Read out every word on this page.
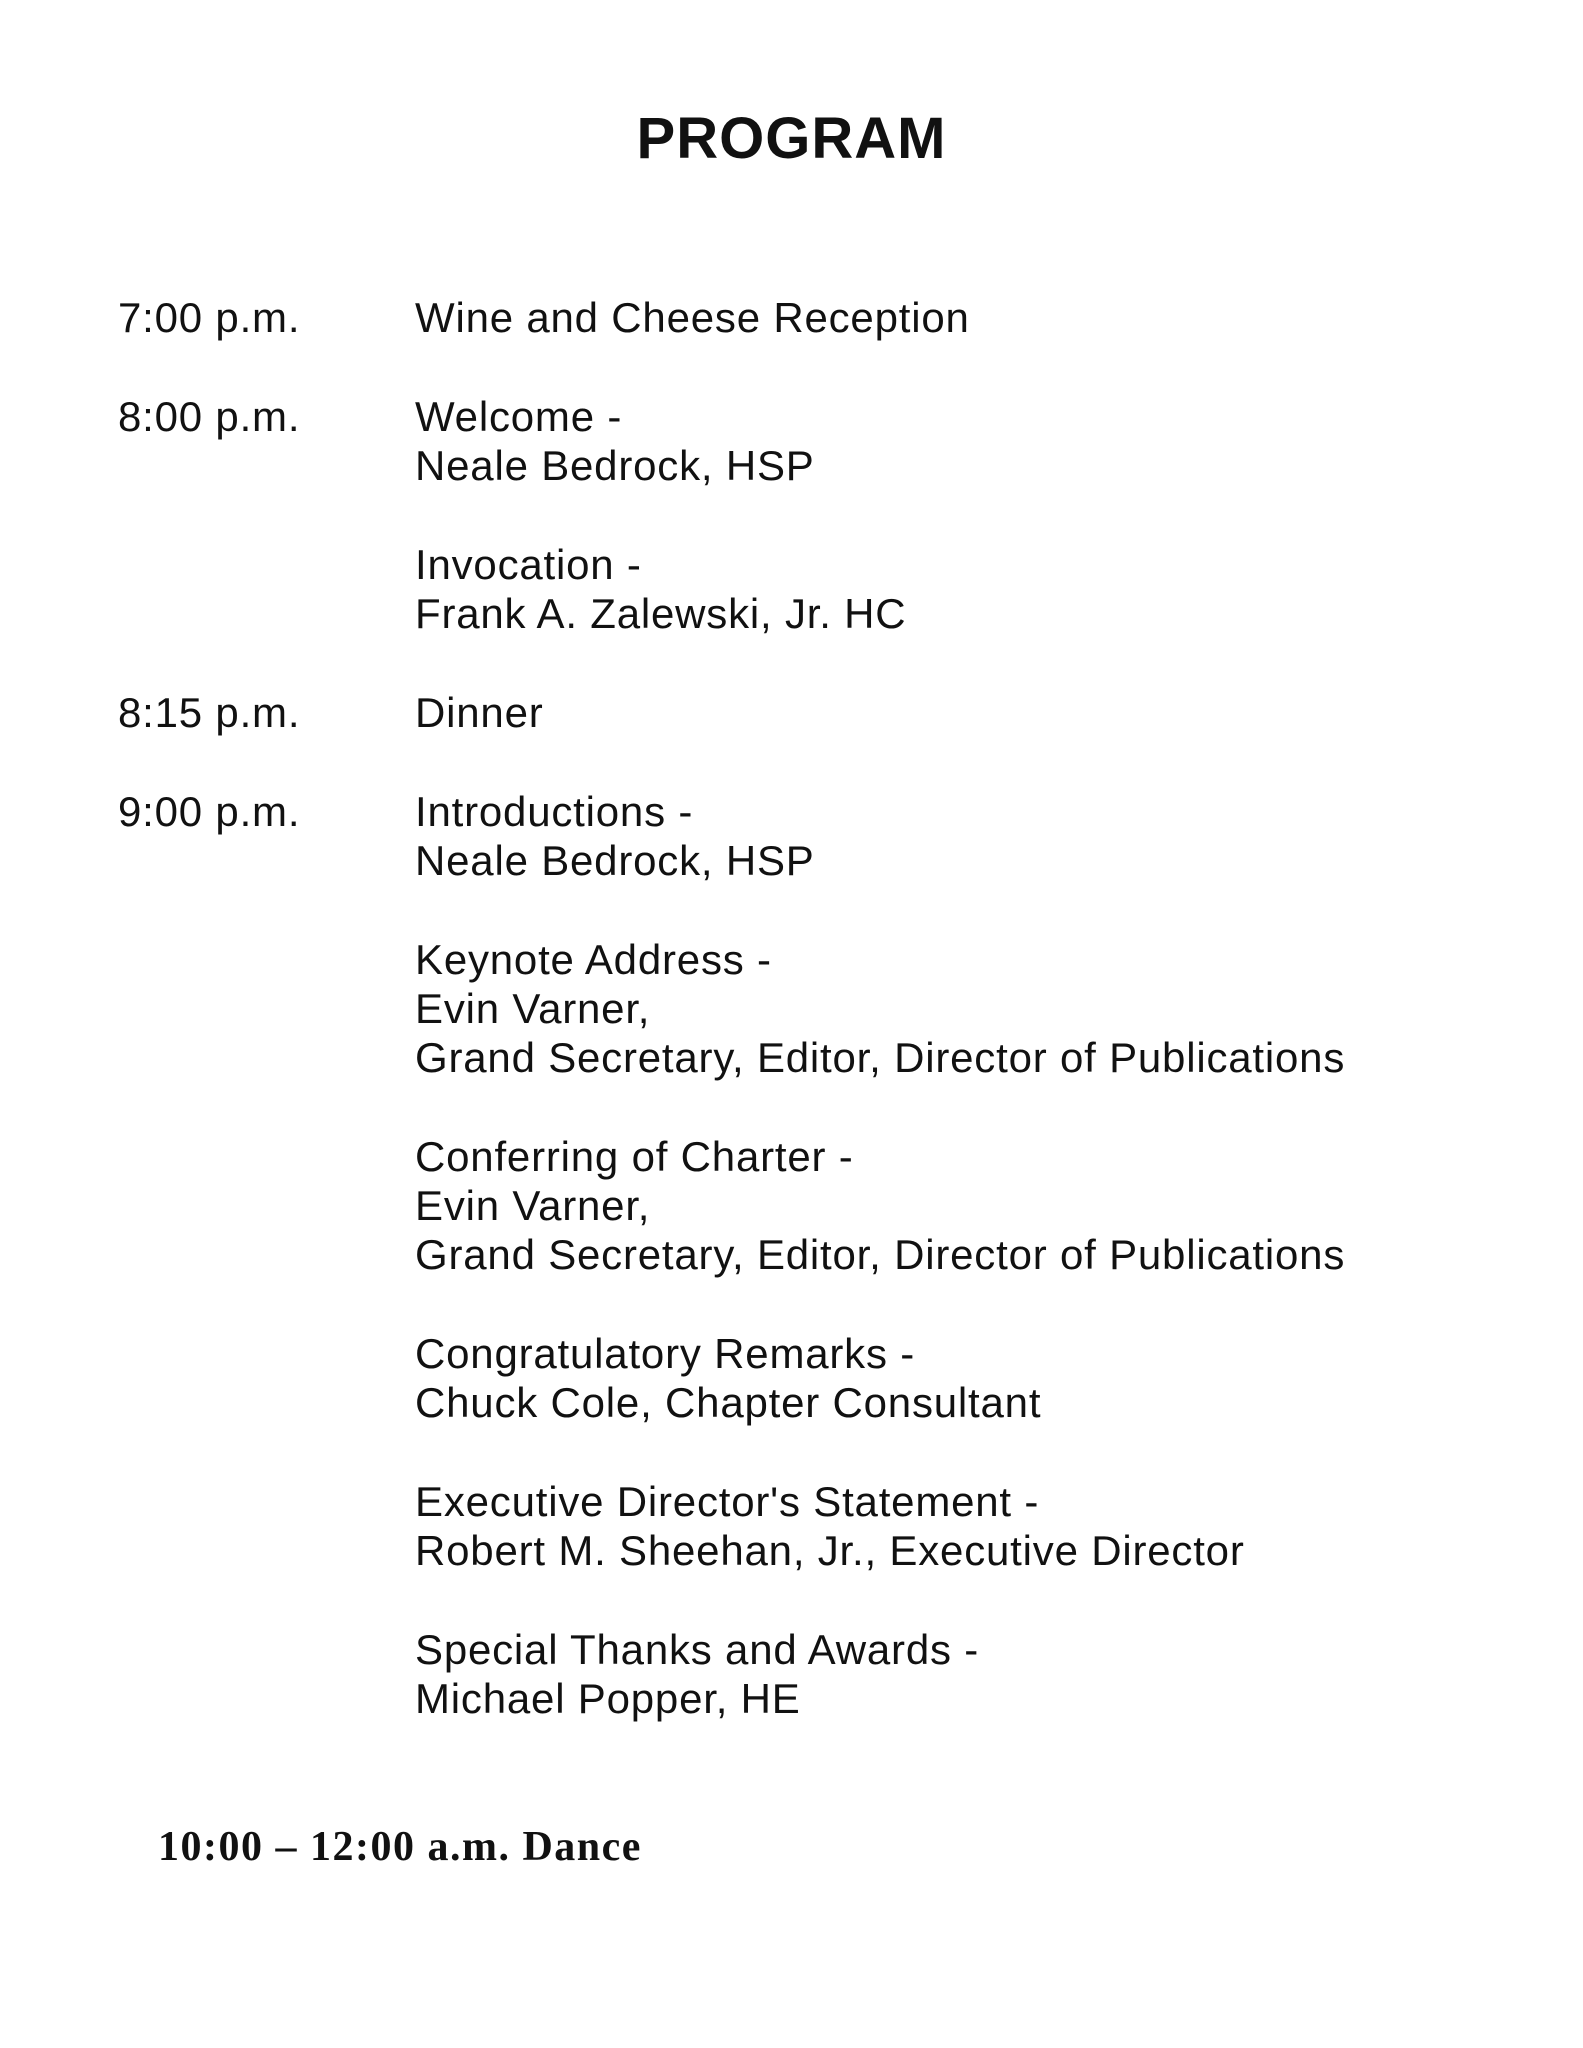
PROGRAM
7:00 p.m.	Wine and Cheese Reception
8:00 p.m.	Welcome -
Neale Bedrock, HSP
Invocation -
Frank A. Zalewski, Jr. HC
8:15 p.m.	Dinner
9:00 p.m.	Introductions -
Neale Bedrock, HSP
Keynote Address -
Evin Varner,
Grand Secretary, Editor, Director of Publications
Conferring of Charter -
Evin Varner,
Grand Secretary, Editor, Director of Publications
Congratulatory Remarks -
Chuck Cole, Chapter Consultant
Executive Director's Statement -
Robert M. Sheehan, Jr., Executive Director
Special Thanks and Awards -
Michael Popper, HE
10:00 – 12:00 a.m. Dance
